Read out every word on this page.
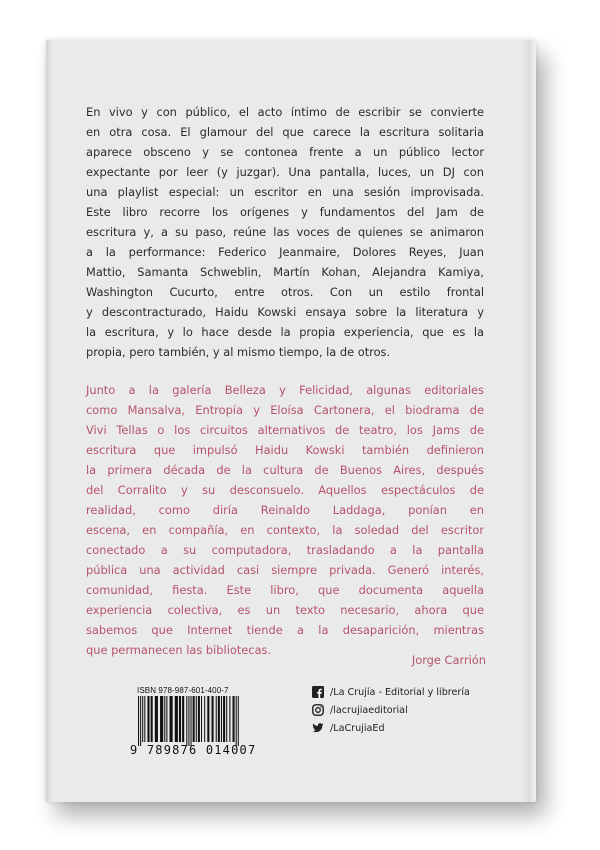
En vivo y con público, el acto íntimo de escribir se convierte
en otra cosa. El glamour del que carece la escritura solitaria
aparece obsceno y se contonea frente a un público lector
expectante por leer (y juzgar). Una pantalla, luces, un DJ con
una playlist especial: un escritor en una sesión improvisada.
Este libro recorre los orígenes y fundamentos del Jam de
escritura y, a su paso, reúne las voces de quienes se animaron
a la performance: Federico Jeanmaire, Dolores Reyes, Juan
Mattio, Samanta Schweblin, Martín Kohan, Alejandra Kamiya,
Washington Cucurto, entre otros. Con un estilo frontal
y descontracturado, Haidu Kowski ensaya sobre la literatura y
la escritura, y lo hace desde la propia experiencia, que es la
propia, pero también, y al mismo tiempo, la de otros.

Junto a la galería Belleza y Felicidad, algunas editoriales
como Mansalva, Entropía y Eloísa Cartonera, el biodrama de
Vivi Tellas o los circuitos alternativos de teatro, los Jams de
escritura que impulsó Haidu Kowski también definieron
la primera década de la cultura de Buenos Aires, después
del Corralito y su desconsuelo. Aquellos espectáculos de
realidad, como diría Reinaldo Laddaga, ponían en
escena, en compañía, en contexto, la soledad del escritor
conectado a su computadora, trasladando a la pantalla
pública una actividad casi siempre privada. Generó interés,
comunidad, fiesta. Este libro, que documenta aquella
experiencia colectiva, es un texto necesario, ahora que
sabemos que Internet tiende a la desaparición, mientras
que permanecen las bibliotecas.

Jorge Carrión
ISBN 978-987-601-400-7
9 789876 014007
/La Crujía - Editorial y librería
/lacrujiaeditorial
/LaCrujiaEd
